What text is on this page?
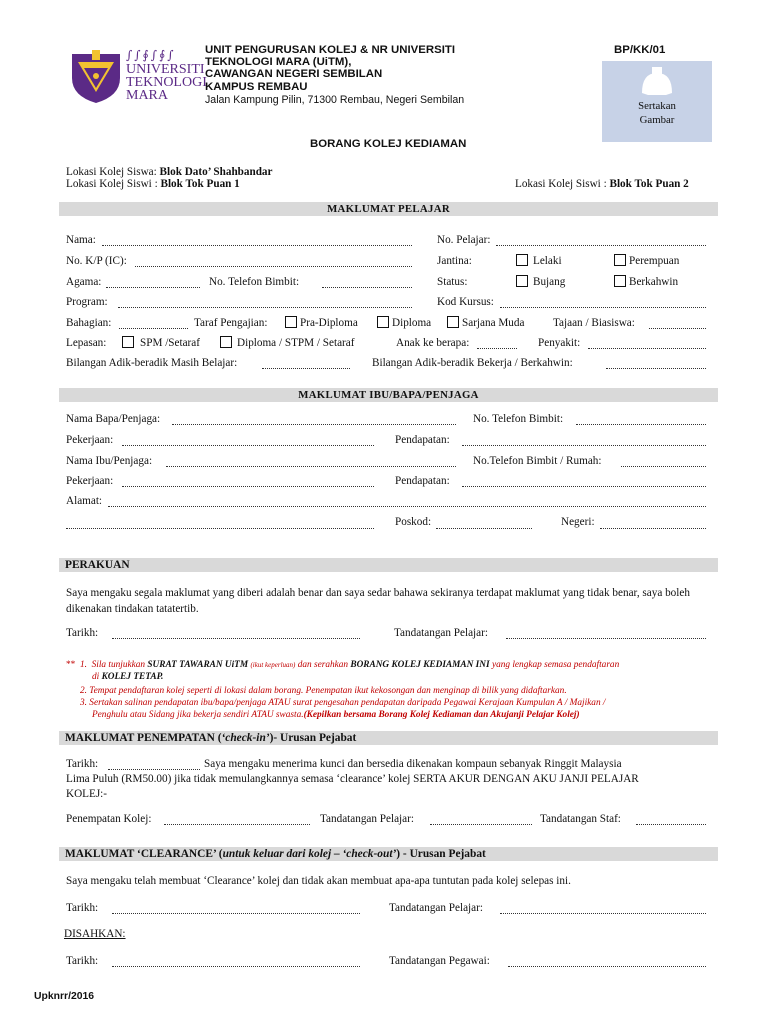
∫∫∮∫∮∫
UNIVERSITI
TEKNOLOGI
MARA
UNIT PENGURUSAN KOLEJ & NR UNIVERSITI
TEKNOLOGI MARA (UiTM),
CAWANGAN NEGERI SEMBILAN
KAMPUS REMBAU
Jalan Kampung Pilin, 71300 Rembau, Negeri Sembilan
BP/KK/01
Sertakan
Gambar
BORANG KOLEJ KEDIAMAN
Lokasi Kolej Siswa: Blok Dato’ Shahbandar
Lokasi Kolej Siswi : Blok Tok Puan 1	Lokasi Kolej Siswi : Blok Tok Puan 2
MAKLUMAT PELAJAR
Nama:	No. Pelajar:
No. K/P (IC):	Jantina:	Lelaki	Perempuan
Agama:	No. Telefon Bimbit:	Status:	Bujang	Berkahwin
Program:	Kod Kursus:
Bahagian:	Taraf Pengajian:	Pra-Diploma	Diploma	Sarjana Muda	Tajaan / Biasiswa:
Lepasan:	SPM /Setaraf	Diploma / STPM / Setaraf	Anak ke berapa:	Penyakit:
Bilangan Adik-beradik Masih Belajar:	Bilangan Adik-beradik Bekerja / Berkahwin:
MAKLUMAT IBU/BAPA/PENJAGA
Nama Bapa/Penjaga:	No. Telefon Bimbit:
Pekerjaan:	Pendapatan:
Nama Ibu/Penjaga:	No.Telefon Bimbit / Rumah:
Pekerjaan:	Pendapatan:
Alamat:
Poskod:	Negeri:
PERAKUAN
Saya mengaku segala maklumat yang diberi adalah benar dan saya sedar bahawa sekiranya terdapat maklumat yang tidak benar, saya boleh dikenakan tindakan tatatertib.
Tarikh:	Tandatangan Pelajar:
** 1. Sila tunjukkan SURAT TAWARAN UiTM (ikut keperluan) dan serahkan BORANG KOLEJ KEDIAMAN INI yang lengkap semasa pendaftaran
di KOLEJ TETAP.
2. Tempat pendaftaran kolej seperti di lokasi dalam borang. Penempatan ikut kekosongan dan menginap di bilik yang didaftarkan.
3. Sertakan salinan pendapatan ibu/bapa/penjaga ATAU surat pengesahan pendapatan daripada Pegawai Kerajaan Kumpulan A / Majikan /
Penghulu atau Sidang jika bekerja sendiri ATAU swasta.(Kepilkan bersama Borang Kolej Kediaman dan Akujanji Pelajar Kolej)
MAKLUMAT PENEMPATAN (‘check-in’)- Urusan Pejabat
Tarikh:	Saya mengaku menerima kunci dan bersedia dikenakan kompaun sebanyak Ringgit Malaysia
Lima Puluh (RM50.00) jika tidak memulangkannya semasa ‘clearance’ kolej SERTA AKUR DENGAN AKU JANJI PELAJAR
KOLEJ:-
Penempatan Kolej:	Tandatangan Pelajar:	Tandatangan Staf:
MAKLUMAT ‘CLEARANCE’ (untuk keluar dari kolej – ‘check-out’) - Urusan Pejabat
Saya mengaku telah membuat ‘Clearance’ kolej dan tidak akan membuat apa-apa tuntutan pada kolej selepas ini.
Tarikh:	Tandatangan Pelajar:
DISAHKAN:
Tarikh:	Tandatangan Pegawai:
Upknrr/2016
